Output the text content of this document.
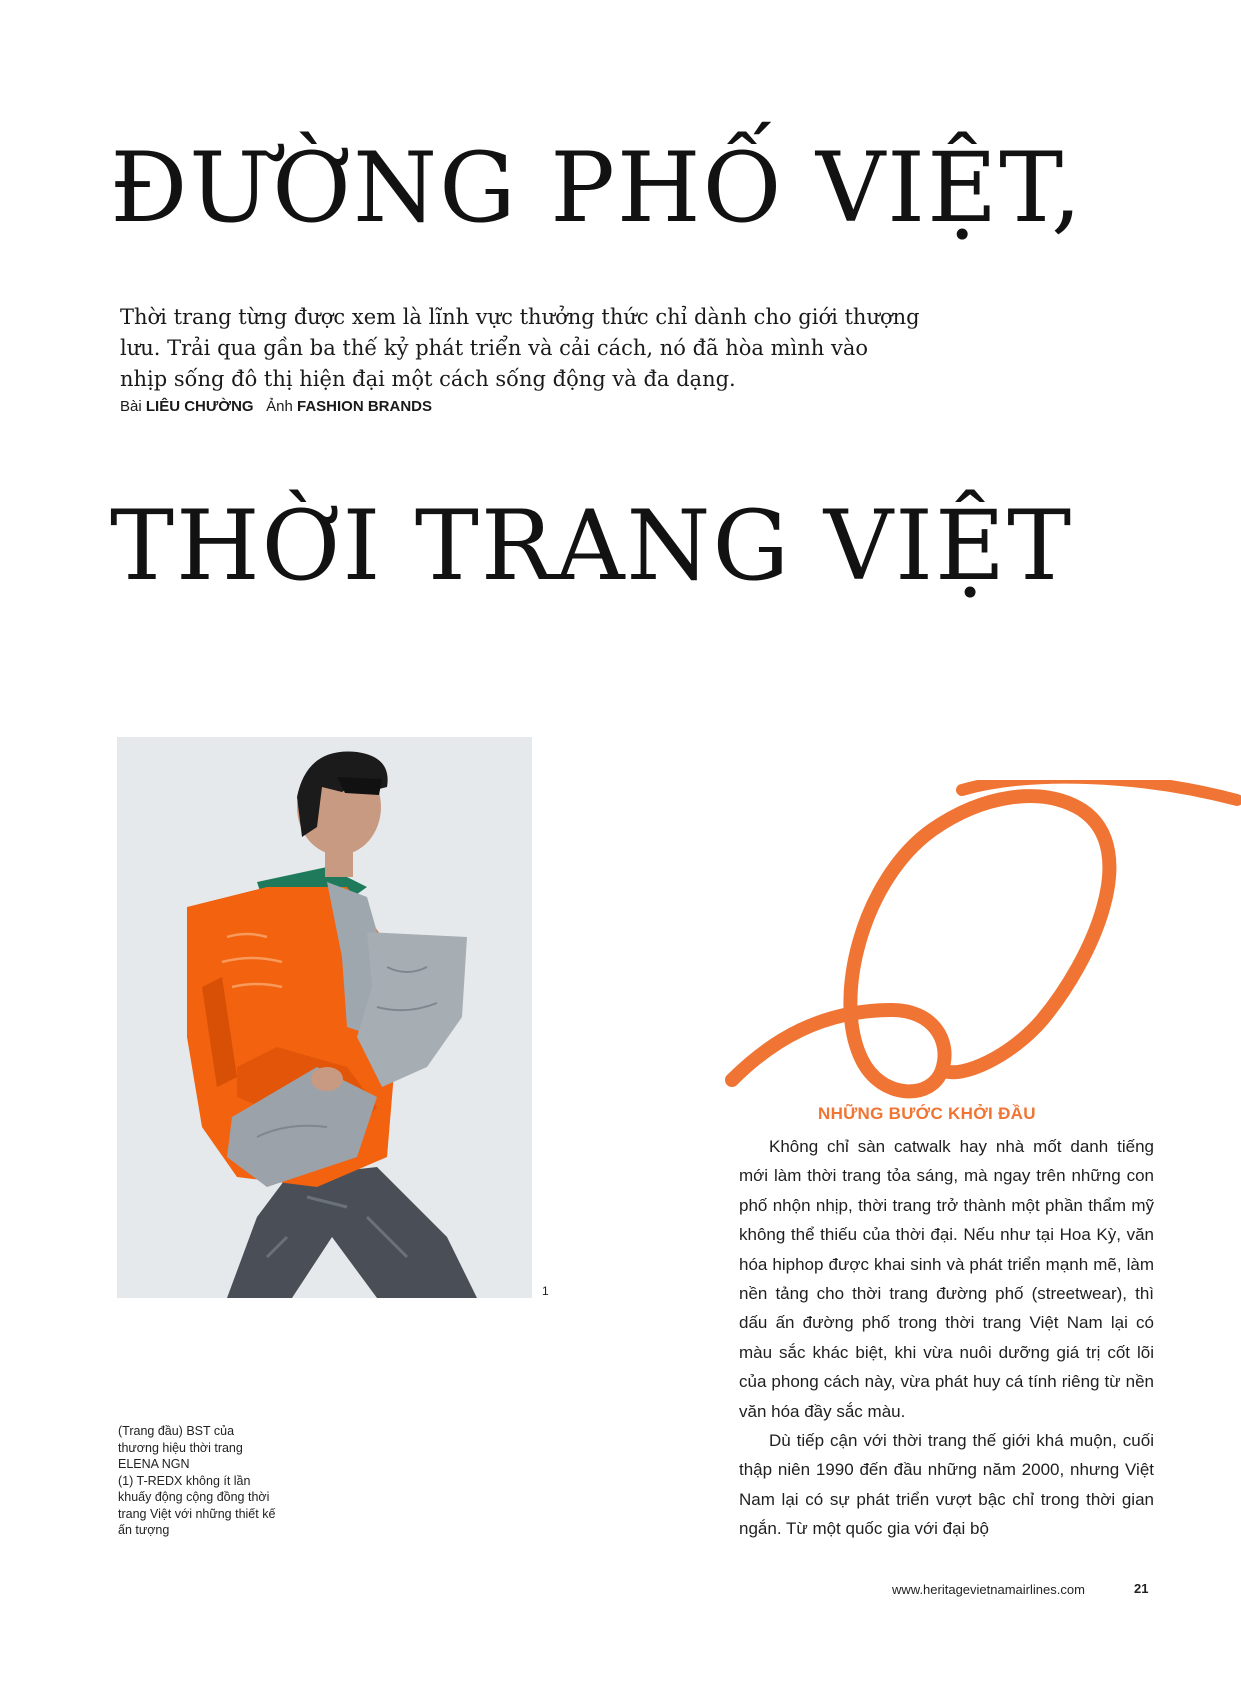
ĐƯỜNG PHỐ VIỆT,

Thời trang từng được xem là lĩnh vực thưởng thức chỉ dành cho giới thượng lưu. Trải qua gần ba thế kỷ phát triển và cải cách, nó đã hòa mình vào nhịp sống đô thị hiện đại một cách sống động và đa dạng.

Bài LIÊU CHƯỜNG Ảnh FASHION BRANDS
THỜI TRANG VIỆT
1
(Trang đầu) BST của thương hiệu thời trang ELENA NGN
(1) T-REDX không ít lần khuấy động cộng đồng thời trang Việt với những thiết kế ấn tượng
NHỮNG BƯỚC KHỞI ĐẦU

Không chỉ sàn catwalk hay nhà mốt danh tiếng mới làm thời trang tỏa sáng, mà ngay trên những con phố nhộn nhịp, thời trang trở thành một phần thẩm mỹ không thể thiếu của thời đại. Nếu như tại Hoa Kỳ, văn hóa hiphop được khai sinh và phát triển mạnh mẽ, làm nền tảng cho thời trang đường phố (streetwear), thì dấu ấn đường phố trong thời trang Việt Nam lại có màu sắc khác biệt, khi vừa nuôi dưỡng giá trị cốt lõi của phong cách này, vừa phát huy cá tính riêng từ nền văn hóa đầy sắc màu.

Dù tiếp cận với thời trang thế giới khá muộn, cuối thập niên 1990 đến đầu những năm 2000, nhưng Việt Nam lại có sự phát triển vượt bậc chỉ trong thời gian ngắn. Từ một quốc gia với đại bộ

www.heritagevietnamairlines.com	21
